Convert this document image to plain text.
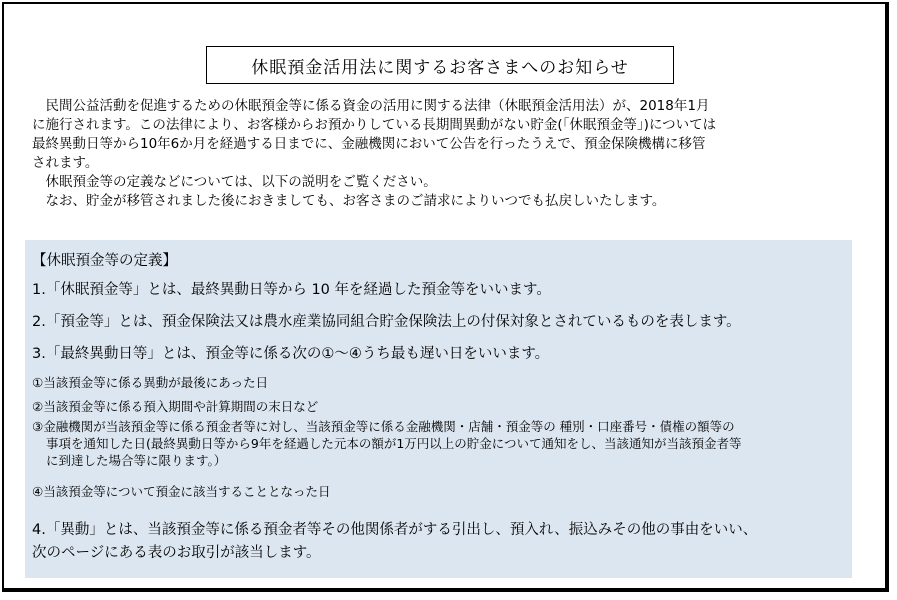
休眠預金活用法に関するお客さまへのお知らせ

民間公益活動を促進するための休眠預金等に係る資金の活用に関する法律（休眠預金活用法）が、2018年1月

に施行されます。この法律により、お客様からお預かりしている長期間異動がない貯金(「休眠預金等」)については

最終異動日等から10年6か月を経過する日までに、金融機関において公告を行ったうえで、預金保険機構に移管

されます。

休眠預金等の定義などについては、以下の説明をご覧ください。

なお、貯金が移管されました後におきましても、お客さまのご請求によりいつでも払戻しいたします。

【休眠預金等の定義】
1.「休眠預金等」とは、最終異動日等から 10 年を経過した預金等をいいます。
2.「預金等」とは、預金保険法又は農水産業協同組合貯金保険法上の付保対象とされているものを表します。
3.「最終異動日等」とは、預金等に係る次の①～④うち最も遅い日をいいます。
①当該預金等に係る異動が最後にあった日
②当該預金等に係る預入期間や計算期間の末日など
③金融機関が当該預金等に係る預金者等に対し、当該預金等に係る金融機関・店舗・預金等の 種別・口座番号・債権の額等の
事項を通知した日(最終異動日等から9年を経過した元本の額が1万円以上の貯金について通知をし、当該通知が当該預金者等
に到達した場合等に限ります。）
④当該預金等について預金に該当することとなった日
4.「異動」とは、当該預金等に係る預金者等その他関係者がする引出し、預入れ、振込みその他の事由をいい、
次のページにある表のお取引が該当します。
